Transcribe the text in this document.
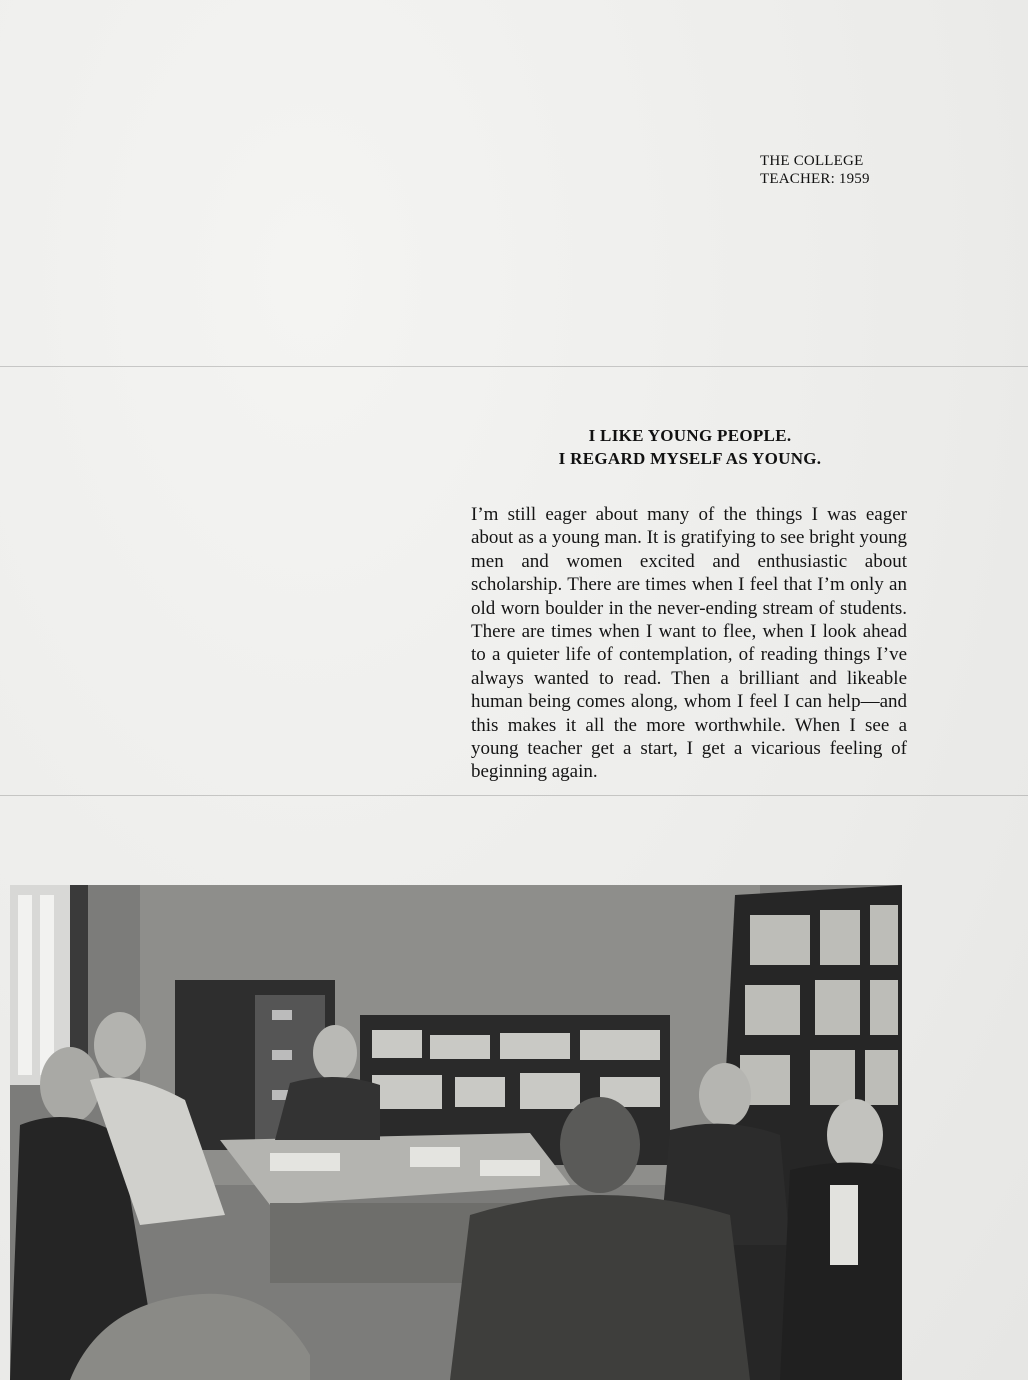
THE COLLEGE
TEACHER: 1959
I LIKE YOUNG PEOPLE.
I REGARD MYSELF AS YOUNG.
I’m still eager about many of the things I was eager about as a young man. It is gratifying to see bright young men and women excited and enthusiastic about scholarship. There are times when I feel that I’m only an old worn boulder in the never-ending stream of students. There are times when I want to flee, when I look ahead to a quieter life of contemplation, of reading things I’ve always wanted to read. Then a brilliant and likeable human being comes along, whom I feel I can help—and this makes it all the more worthwhile. When I see a young teacher get a start, I get a vicarious feeling of beginning again.
